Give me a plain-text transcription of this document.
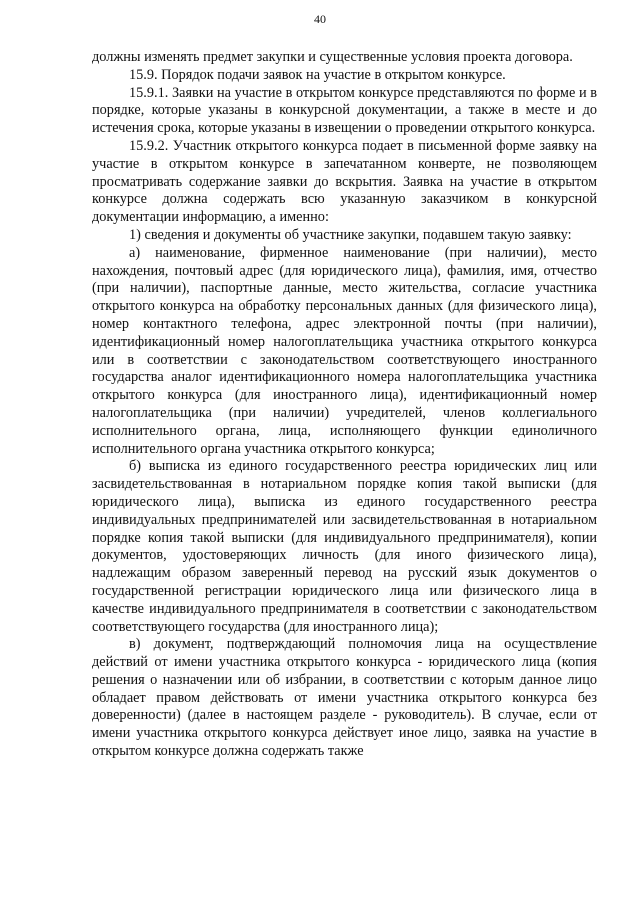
40

должны изменять предмет закупки и существенные условия проекта договора.

15.9. Порядок подачи заявок на участие в открытом конкурсе.

15.9.1. Заявки на участие в открытом конкурсе представляются по форме и в порядке, которые указаны в конкурсной документации, а также в месте и до истечения срока, которые указаны в извещении о проведении открытого конкурса.

15.9.2. Участник открытого конкурса подает в письменной форме заявку на участие в открытом конкурсе в запечатанном конверте, не позволяющем просматривать содержание заявки до вскрытия. Заявка на участие в открытом конкурсе должна содержать всю указанную заказчиком в конкурсной документации информацию, а именно:

1) сведения и документы об участнике закупки, подавшем такую заявку:

а) наименование, фирменное наименование (при наличии), место нахождения, почтовый адрес (для юридического лица), фамилия, имя, отчество (при наличии), паспортные данные, место жительства, согласие участника открытого конкурса на обработку персональных данных (для физического лица), номер контактного телефона, адрес электронной почты (при наличии), идентификационный номер налогоплательщика участника открытого конкурса или в соответствии с законодательством соответствующего иностранного государства аналог идентификационного номера налогоплательщика участника открытого конкурса (для иностранного лица), идентификационный номер налогоплательщика (при наличии) учредителей, членов коллегиального исполнительного органа, лица, исполняющего функции единоличного исполнительного органа участника открытого конкурса;

б) выписка из единого государственного реестра юридических лиц или засвидетельствованная в нотариальном порядке копия такой выписки (для юридического лица), выписка из единого государственного реестра индивидуальных предпринимателей или засвидетельствованная в нотариальном порядке копия такой выписки (для индивидуального предпринимателя), копии документов, удостоверяющих личность (для иного физического лица), надлежащим образом заверенный перевод на русский язык документов о государственной регистрации юридического лица или физического лица в качестве индивидуального предпринимателя в соответствии с законодательством соответствующего государства (для иностранного лица);

в) документ, подтверждающий полномочия лица на осуществление действий от имени участника открытого конкурса - юридического лица (копия решения о назначении или об избрании, в соответствии с которым данное лицо обладает правом действовать от имени участника открытого конкурса без доверенности) (далее в настоящем разделе - руководитель). В случае, если от имени участника открытого конкурса действует иное лицо, заявка на участие в открытом конкурсе должна содержать также
